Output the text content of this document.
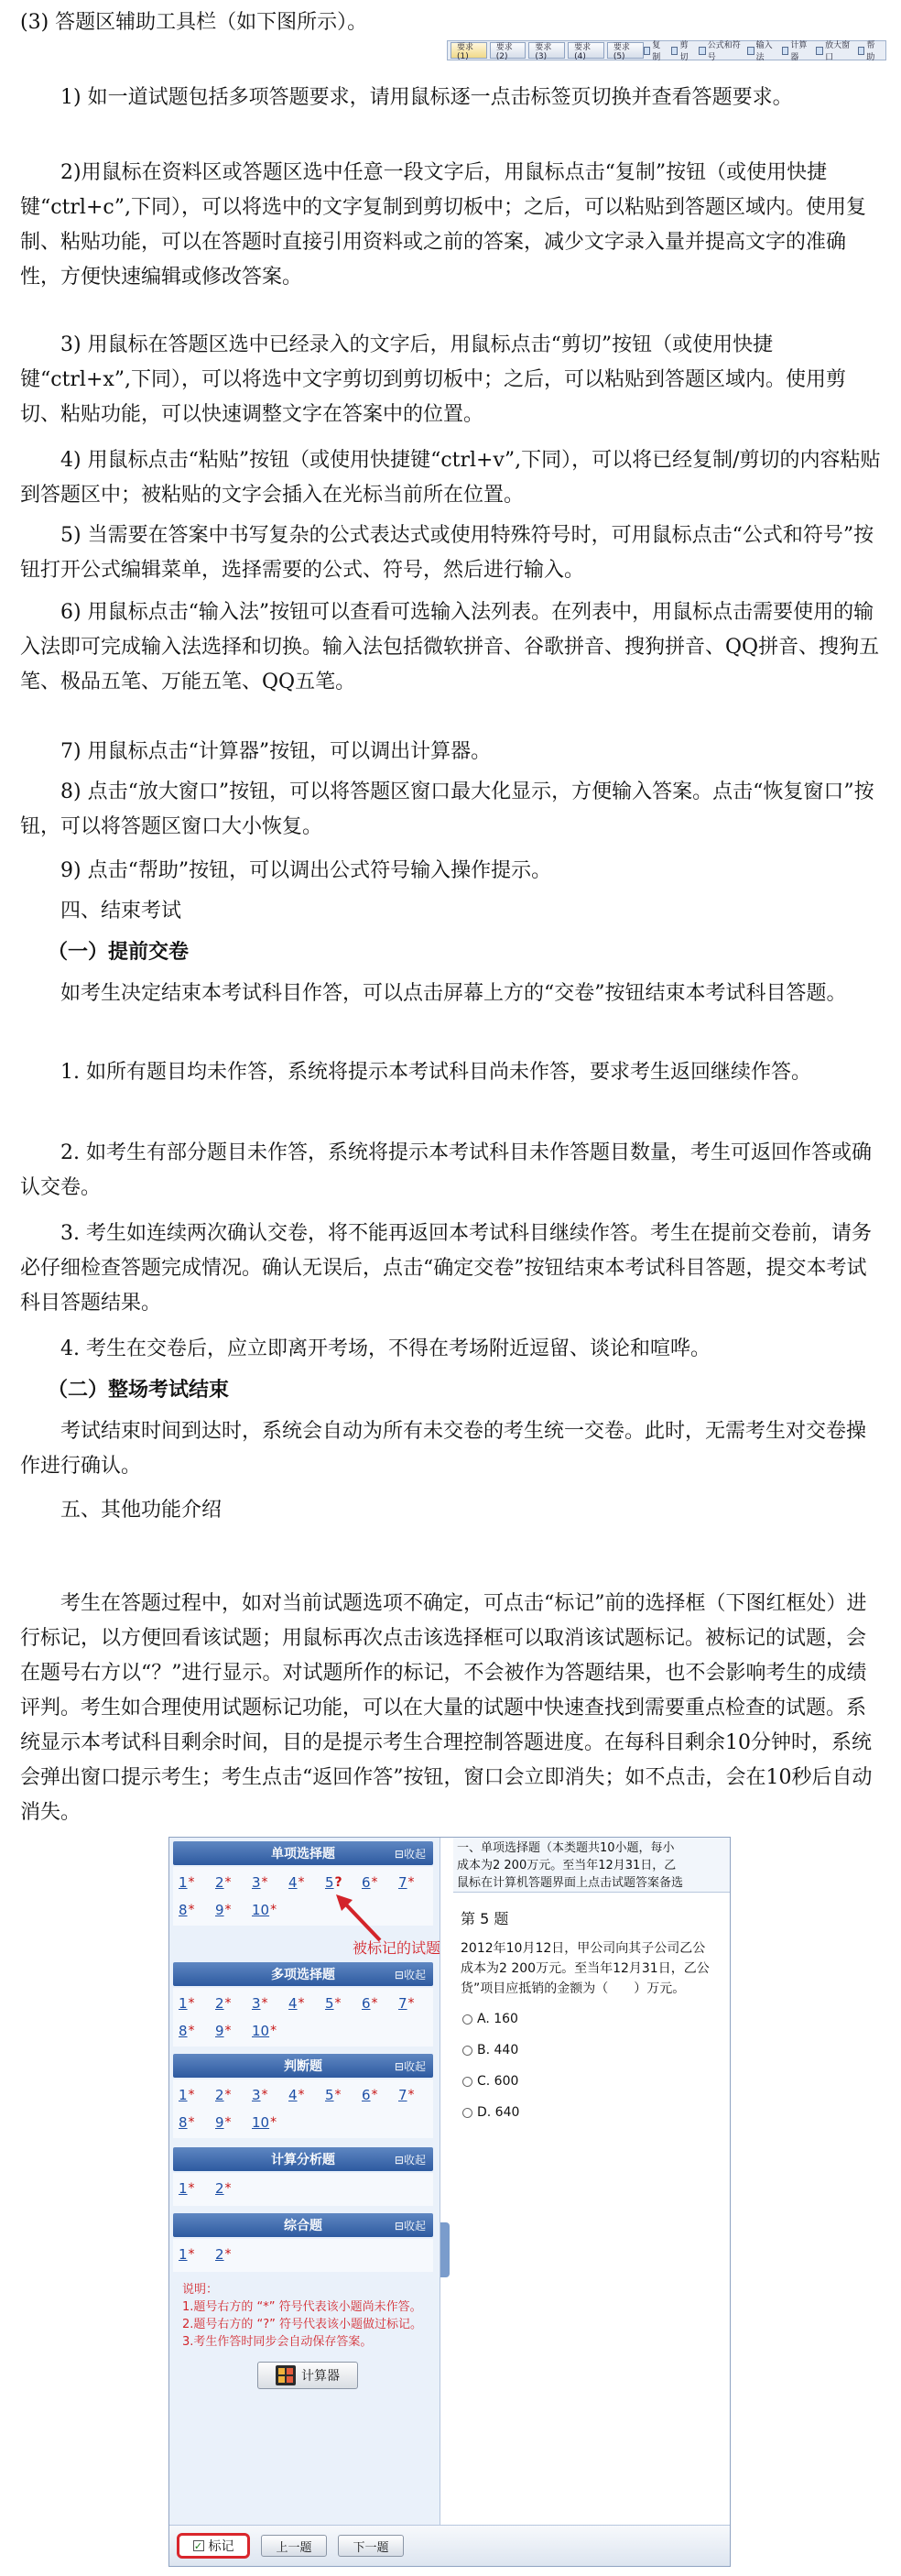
(3) 答题区辅助工具栏（如下图所示）。

要求(1)
要求(2)
要求(3)
要求(4)
要求(5)
复制
剪切
公式和符号
输入法
计算器
放大窗口
帮助

1) 如一道试题包括多项答题要求，请用鼠标逐一点击标签页切换并查看答题要求。

2)用鼠标在资料区或答题区选中任意一段文字后，用鼠标点击“复制”按钮（或使用快捷键“ctrl+c”,下同），可以将选中的文字复制到剪切板中；之后，可以粘贴到答题区域内。使用复制、粘贴功能，可以在答题时直接引用资料或之前的答案，减少文字录入量并提高文字的准确性，方便快速编辑或修改答案。

3) 用鼠标在答题区选中已经录入的文字后，用鼠标点击“剪切”按钮（或使用快捷键“ctrl+x”,下同），可以将选中文字剪切到剪切板中；之后，可以粘贴到答题区域内。使用剪切、粘贴功能，可以快速调整文字在答案中的位置。

4) 用鼠标点击“粘贴”按钮（或使用快捷键“ctrl+v”,下同），可以将已经复制/剪切的内容粘贴到答题区中；被粘贴的文字会插入在光标当前所在位置。

5) 当需要在答案中书写复杂的公式表达式或使用特殊符号时，可用鼠标点击“公式和符号”按钮打开公式编辑菜单，选择需要的公式、符号，然后进行输入。

6) 用鼠标点击“输入法”按钮可以查看可选输入法列表。在列表中，用鼠标点击需要使用的输入法即可完成输入法选择和切换。输入法包括微软拼音、谷歌拼音、搜狗拼音、QQ拼音、搜狗五笔、极品五笔、万能五笔、QQ五笔。

7) 用鼠标点击“计算器”按钮，可以调出计算器。

8) 点击“放大窗口”按钮，可以将答题区窗口最大化显示，方便输入答案。点击“恢复窗口”按钮，可以将答题区窗口大小恢复。

9) 点击“帮助”按钮，可以调出公式符号输入操作提示。

四、结束考试

（一）提前交卷

如考生决定结束本考试科目作答，可以点击屏幕上方的“交卷”按钮结束本考试科目答题。

1. 如所有题目均未作答，系统将提示本考试科目尚未作答，要求考生返回继续作答。

2. 如考生有部分题目未作答，系统将提示本考试科目未作答题目数量，考生可返回作答或确认交卷。

3. 考生如连续两次确认交卷，将不能再返回本考试科目继续作答。考生在提前交卷前，请务必仔细检查答题完成情况。确认无误后，点击“确定交卷”按钮结束本考试科目答题，提交本考试科目答题结果。

4. 考生在交卷后，应立即离开考场，不得在考场附近逗留、谈论和喧哗。

（二）整场考试结束

考试结束时间到达时，系统会自动为所有未交卷的考生统一交卷。此时，无需考生对交卷操作进行确认。

五、其他功能介绍

考生在答题过程中，如对当前试题选项不确定，可点击“标记”前的选择框（下图红框处）进行标记，以方便回看该试题；用鼠标再次点击该选择框可以取消该试题标记。被标记的试题，会在题号右方以“？”进行显示。对试题所作的标记，不会被作为答题结果，也不会影响考生的成绩评判。考生如合理使用试题标记功能，可以在大量的试题中快速查找到需要重点检查的试题。系统显示本考试科目剩余时间，目的是提示考生合理控制答题进度。在每科目剩余10分钟时，系统会弹出窗口提示考生；考生点击“返回作答”按钮，窗口会立即消失；如不点击，会在10秒后自动消失。

单项选择题	⊟收起
1 * 2 * 3 * 4 * 5 ? 6 * 7 *
8 * 9 * 10 *
被标记的试题
多项选择题	⊟收起
1 * 2 * 3 * 4 * 5 * 6 * 7 *
8 * 9 * 10 *
判断题	⊟收起
1 * 2 * 3 * 4 * 5 * 6 * 7 *
8 * 9 * 10 *
计算分析题	⊟收起
1 * 2 *
综合题	⊟收起
1 * 2 *
说明：
1.题号右方的 “*” 符号代表该小题尚未作答。
2.题号右方的 “?” 符号代表该小题做过标记。
3.考生作答时同步会自动保存答案。
计算器
一、单项选择题（本类题共10小题，每小
成本为2 200万元。至当年12月31日，乙
鼠标在计算机答题界面上点击试题答案备选
第 5 题
2012年10月12日，甲公司向其子公司乙公
成本为2 200万元。至当年12月31日，乙公
货”项目应抵销的金额为（　　）万元。
A. 160
B. 440
C. 600
D. 640
✓ 标记	上一题	下一题
